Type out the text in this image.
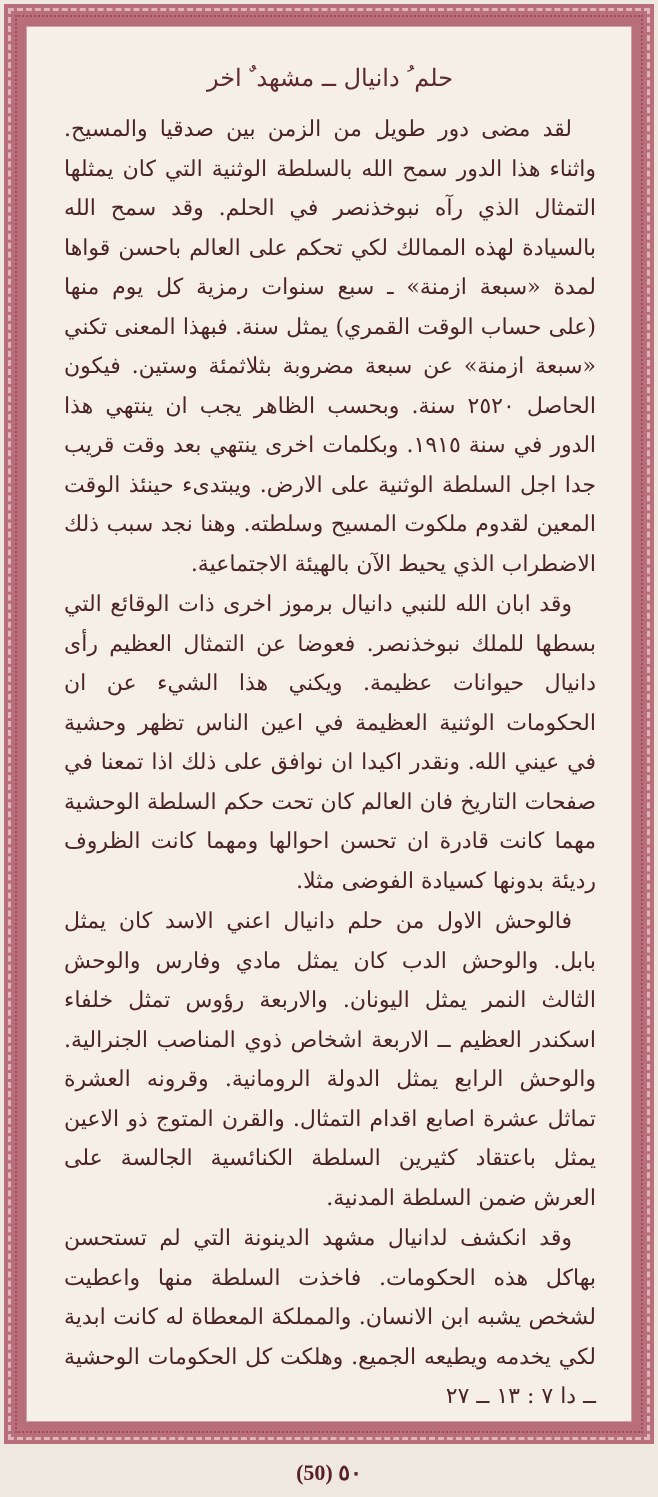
حلم ُ دانيال ــ مشهد ٌ اخر

لقد مضى دور طويل من الزمن بين صدقيا والمسيح. واثناء هذا الدور سمح الله بالسلطة الوثنية التي كان يمثلها التمثال الذي رآه نبوخذنصر في الحلم. وقد سمح الله بالسيادة لهذه الممالك لكي تحكم على العالم باحسن قواها لمدة «سبعة ازمنة» ـ سبع سنوات رمزية كل يوم منها (على حساب الوقت القمري) يمثل سنة. فبهذا المعنى تكني «سبعة ازمنة» عن سبعة مضروبة بثلاثمئة وستين. فيكون الحاصل ٢٥٢٠ سنة. وبحسب الظاهر يجب ان ينتهي هذا الدور في سنة ١٩١٥. وبكلمات اخرى ينتهي بعد وقت قريب جدا اجل السلطة الوثنية على الارض. ويبتدىء حينئذ الوقت المعين لقدوم ملكوت المسيح وسلطته. وهنا نجد سبب ذلك الاضطراب الذي يحيط الآن بالهيئة الاجتماعية.

وقد ابان الله للنبي دانيال برموز اخرى ذات الوقائع التي بسطها للملك نبوخذنصر. فعوضا عن التمثال العظيم رأى دانيال حيوانات عظيمة. ويكني هذا الشيء عن ان الحكومات الوثنية العظيمة في اعين الناس تظهر وحشية في عيني الله. ونقدر اكيدا ان نوافق على ذلك اذا تمعنا في صفحات التاريخ فان العالم كان تحت حكم السلطة الوحشية مهما كانت قادرة ان تحسن احوالها ومهما كانت الظروف رديئة بدونها كسيادة الفوضى مثلا.

فالوحش الاول من حلم دانيال اعني الاسد كان يمثل بابل. والوحش الدب كان يمثل مادي وفارس والوحش الثالث النمر يمثل اليونان. والاربعة رؤوس تمثل خلفاء اسكندر العظيم ــ الاربعة اشخاص ذوي المناصب الجنرالية. والوحش الرابع يمثل الدولة الرومانية. وقرونه العشرة تماثل عشرة اصابع اقدام التمثال. والقرن المتوج ذو الاعين يمثل باعتقاد كثيرين السلطة الكنائسية الجالسة على العرش ضمن السلطة المدنية.

وقد انكشف لدانيال مشهد الدينونة التي لم تستحسن بهاكل هذه الحكومات. فاخذت السلطة منها واعطيت لشخص يشبه ابن الانسان. والمملكة المعطاة له كانت ابدية لكي يخدمه ويطيعه الجميع. وهلكت كل الحكومات الوحشية ــ دا ٧ : ١٣ ــ ٢٧

(50) ٥٠
